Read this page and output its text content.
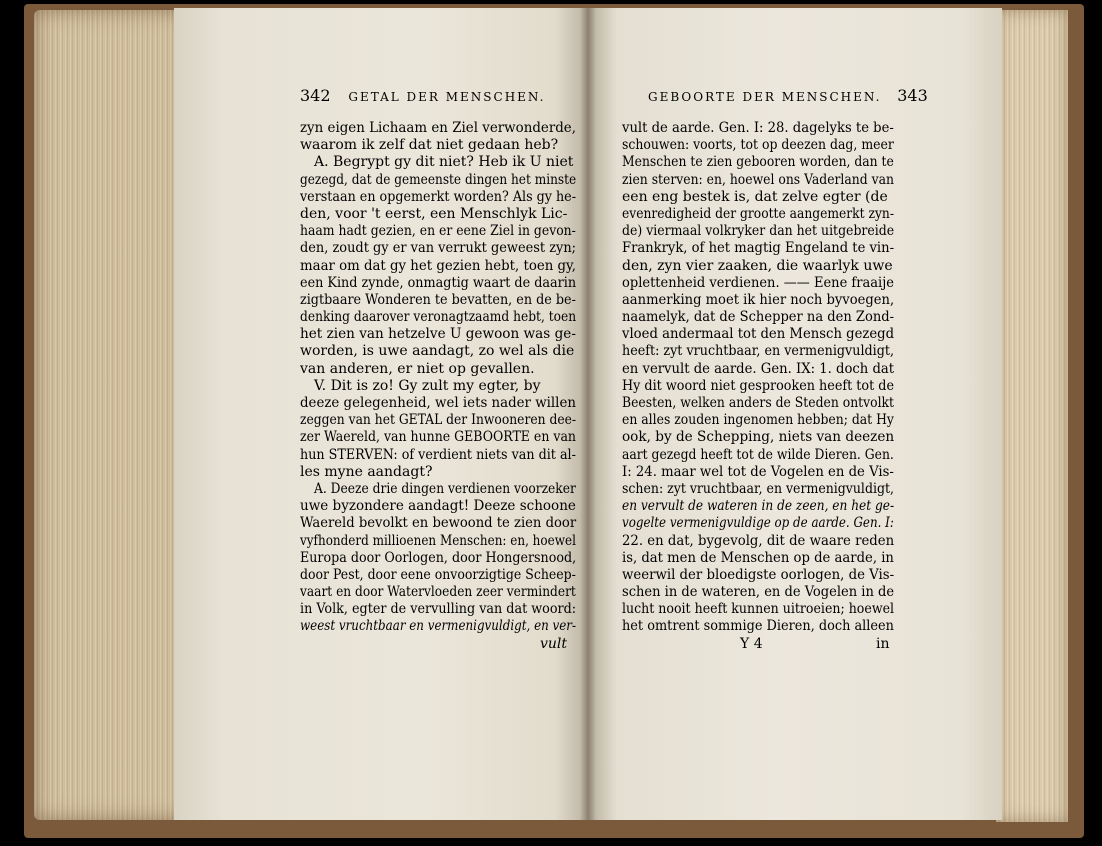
342 GETAL DER MENSCHEN.	GEBOORTE DER MENSCHEN. 343
zyn eigen Lichaam en Ziel verwonderde,
waarom ik zelf dat niet gedaan heb?
A. Begrypt gy dit niet? Heb ik U niet
gezegd, dat de gemeenste dingen het minste
verstaan en opgemerkt worden? Als gy he-
den, voor 't eerst, een Menschlyk Lic-
haam hadt gezien, en er eene Ziel in gevon-
den, zoudt gy er van verrukt geweest zyn;
maar om dat gy het gezien hebt, toen gy,
een Kind zynde, onmagtig waart de daarin
zigtbaare Wonderen te bevatten, en de be-
denking daarover veronagtzaamd hebt, toen
het zien van hetzelve U gewoon was ge-
worden, is uwe aandagt, zo wel als die
van anderen, er niet op gevallen.
V. Dit is zo! Gy zult my egter, by
deeze gelegenheid, wel iets nader willen
zeggen van het GETAL der Inwooneren dee-
zer Waereld, van hunne GEBOORTE en van
hun STERVEN: of verdient niets van dit al-
les myne aandagt?
A. Deeze drie dingen verdienen voorzeker
uwe byzondere aandagt! Deeze schoone
Waereld bevolkt en bewoond te zien door
vyfhonderd millioenen Menschen: en, hoewel
Europa door Oorlogen, door Hongersnood,
door Pest, door eene onvoorzigtige Scheep-
vaart en door Watervloeden zeer vermindert
in Volk, egter de vervulling van dat woord:
weest vruchtbaar en vermenigvuldigt, en ver-
vult
vult de aarde. Gen. I: 28. dagelyks te be-
schouwen: voorts, tot op deezen dag, meer
Menschen te zien gebooren worden, dan te
zien sterven: en, hoewel ons Vaderland van
een eng bestek is, dat zelve egter (de
evenredigheid der grootte aangemerkt zyn-
de) viermaal volkryker dan het uitgebreide
Frankryk, of het magtig Engeland te vin-
den, zyn vier zaaken, die waarlyk uwe
oplettenheid verdienen. —— Eene fraaije
aanmerking moet ik hier noch byvoegen,
naamelyk, dat de Schepper na den Zond-
vloed andermaal tot den Mensch gezegd
heeft: zyt vruchtbaar, en vermenigvuldigt,
en vervult de aarde. Gen. IX: 1. doch dat
Hy dit woord niet gesprooken heeft tot de
Beesten, welken anders de Steden ontvolkt
en alles zouden ingenomen hebben; dat Hy
ook, by de Schepping, niets van deezen
aart gezegd heeft tot de wilde Dieren. Gen.
I: 24. maar wel tot de Vogelen en de Vis-
schen: zyt vruchtbaar, en vermenigvuldigt,
en vervult de wateren in de zeen, en het ge-
vogelte vermenigvuldige op de aarde. Gen. I:
22. en dat, bygevolg, dit de waare reden
is, dat men de Menschen op de aarde, in
weerwil der bloedigste oorlogen, de Vis-
schen in de wateren, en de Vogelen in de
lucht nooit heeft kunnen uitroeien; hoewel
het omtrent sommige Dieren, doch alleen
Y 4	in
